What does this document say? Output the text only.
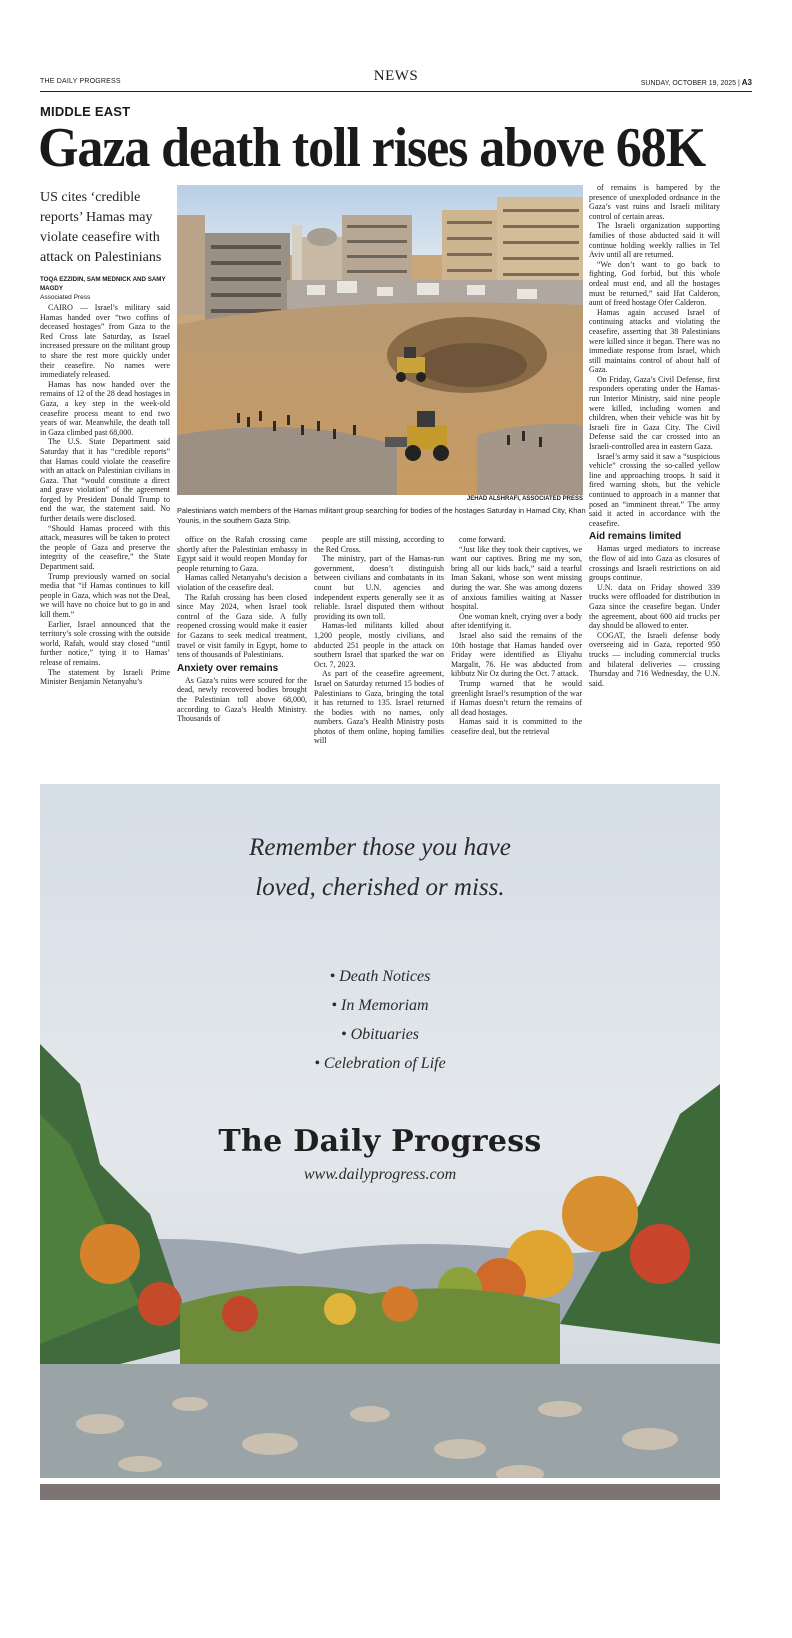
THE DAILY PROGRESS	NEWS	SUNDAY, OCTOBER 19, 2025 | A3
MIDDLE EAST
Gaza death toll rises above 68K
US cites ‘credible reports’ Hamas may violate ceasefire with attack on Palestinians
TOQA EZZIDIN, SAM MEDNICK AND SAMY MAGDY
Associated Press

CAIRO — Israel’s military said Hamas handed over “two coffins of deceased hostages” from Gaza to the Red Cross late Saturday, as Israel increased pressure on the militant group to share the rest more quickly under their ceasefire. No names were immediately released.

Hamas has now handed over the remains of 12 of the 28 dead hostages in Gaza, a key step in the week-old ceasefire process meant to end two years of war. Meanwhile, the death toll in Gaza climbed past 68,000.

The U.S. State Department said Saturday that it has “credible reports” that Hamas could violate the ceasefire with an attack on Palestinian civilians in Gaza. That “would constitute a direct and grave violation” of the agreement forged by President Donald Trump to end the war, the statement said. No further details were disclosed.

“Should Hamas proceed with this attack, measures will be taken to protect the people of Gaza and preserve the integrity of the ceasefire,” the State Department said.

Trump previously warned on social media that “if Hamas continues to kill people in Gaza, which was not the Deal, we will have no choice but to go in and kill them.”

Earlier, Israel announced that the territory’s sole crossing with the outside world, Rafah, would stay closed “until further notice,” tying it to Hamas’ release of remains.

The statement by Israeli Prime Minister Benjamin Netanyahu’s

office on the Rafah crossing came shortly after the Palestinian embassy in Egypt said it would reopen Monday for people returning to Gaza.

Hamas called Netanyahu’s decision a violation of the ceasefire deal.

The Rafah crossing has been closed since May 2024, when Israel took control of the Gaza side. A fully reopened crossing would make it easier for Gazans to seek medical treatment, travel or visit family in Egypt, home to tens of thousands of Palestinians.

Anxiety over remains

As Gaza’s ruins were scoured for the dead, newly recovered bodies brought the Palestinian toll above 68,000, according to Gaza’s Health Ministry. Thousands of

people are still missing, according to the Red Cross.

The ministry, part of the Hamas-run government, doesn’t distinguish between civilians and combatants in its count but U.N. agencies and independent experts generally see it as reliable. Israel disputed them without providing its own toll.

Hamas-led militants killed about 1,200 people, mostly civilians, and abducted 251 people in the attack on southern Israel that sparked the war on Oct. 7, 2023.

As part of the ceasefire agreement, Israel on Saturday returned 15 bodies of Palestinians to Gaza, bringing the total it has returned to 135. Israel returned the bodies with no names, only numbers. Gaza’s Health Ministry posts photos of them online, hoping families will

come forward.

“Just like they took their captives, we want our captives. Bring me my son, bring all our kids back,” said a tearful Iman Sakani, whose son went missing during the war. She was among dozens of anxious families waiting at Nasser hospital.

One woman knelt, crying over a body after identifying it.

Israel also said the remains of the 10th hostage that Hamas handed over Friday were identified as Eliyahu Margalit, 76. He was abducted from kibbutz Nir Oz during the Oct. 7 attack.

Trump warned that he would greenlight Israel’s resumption of the war if Hamas doesn’t return the remains of all dead hostages.

Hamas said it is committed to the ceasefire deal, but the retrieval

of remains is hampered by the presence of unexploded ordnance in the Gaza’s vast ruins and Israeli military control of certain areas.

The Israeli organization supporting families of those abducted said it will continue holding weekly rallies in Tel Aviv until all are returned.

“We don’t want to go back to fighting, God forbid, but this whole ordeal must end, and all the hostages must be returned,” said Ifat Calderon, aunt of freed hostage Ofer Calderon.

Hamas again accused Israel of continuing attacks and violating the ceasefire, asserting that 38 Palestinians were killed since it began. There was no immediate response from Israel, which still maintains control of about half of Gaza.

On Friday, Gaza’s Civil Defense, first responders operating under the Hamas-run Interior Ministry, said nine people were killed, including women and children, when their vehicle was hit by Israeli fire in Gaza City. The Civil Defense said the car crossed into an Israeli-controlled area in eastern Gaza.

Israel’s army said it saw a “suspicious vehicle” crossing the so-called yellow line and approaching troops. It said it fired warning shots, but the vehicle continued to approach in a manner that posed an “imminent threat.” The army said it acted in accordance with the ceasefire.

Aid remains limited

Hamas urged mediators to increase the flow of aid into Gaza as closures of crossings and Israeli restrictions on aid groups continue.

U.N. data on Friday showed 339 trucks were offloaded for distribution in Gaza since the ceasefire began. Under the agreement, about 600 aid trucks per day should be allowed to enter.

COGAT, the Israeli defense body overseeing aid in Gaza, reported 950 trucks — including commercial trucks and bilateral deliveries — crossing Thursday and 716 Wednesday, the U.N. said.

JEHAD ALSHRAFI, ASSOCIATED PRESS
Palestinians watch members of the Hamas militant group searching for bodies of the hostages Saturday in Hamad City, Khan Younis, in the southern Gaza Strip.
Remember those you have
loved, cherished or miss.
• Death Notices
• In Memoriam
• Obituaries
• Celebration of Life
The Daily Progress
www.dailyprogress.com
